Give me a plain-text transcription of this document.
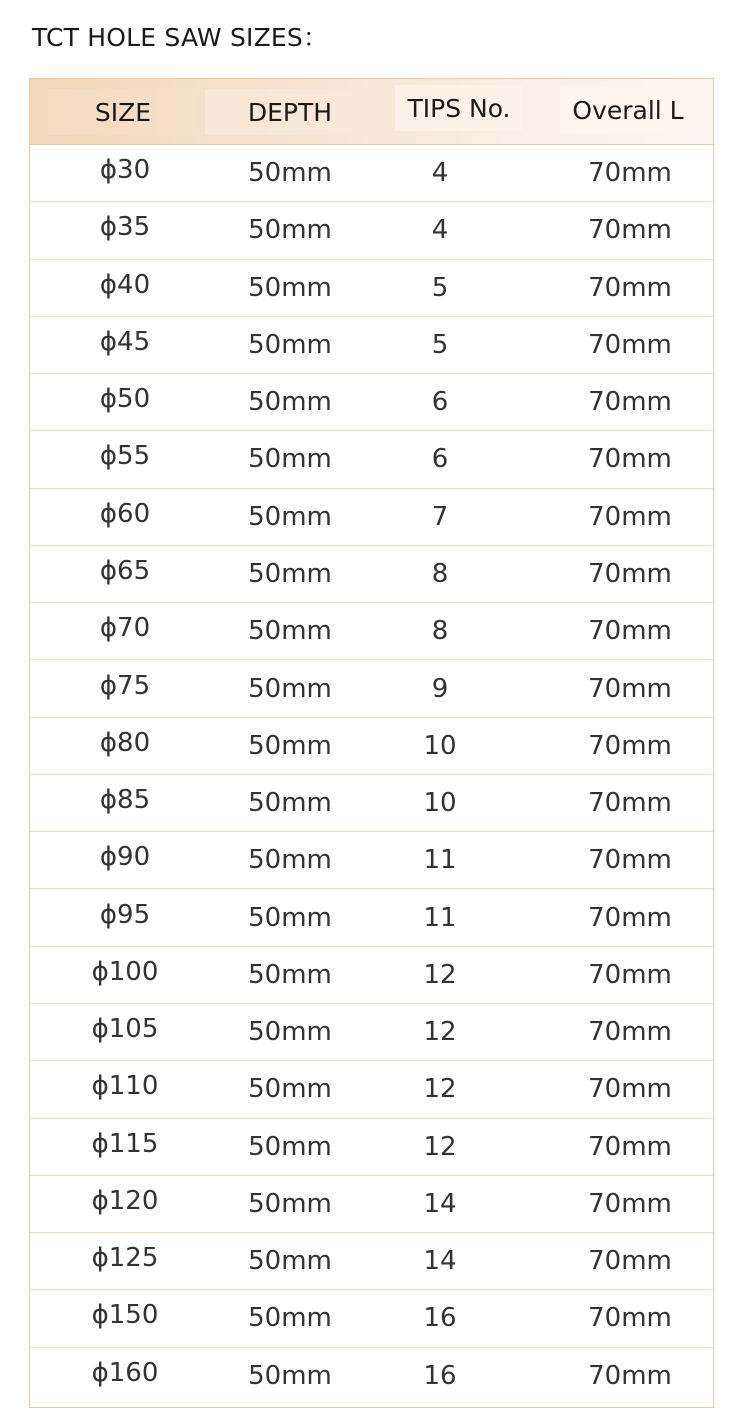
TCT HOLE SAW SIZES：
SIZE	DEPTH	TIPS No.	Overall L
ϕ30	50mm	4	70mm
ϕ35	50mm	4	70mm
ϕ40	50mm	5	70mm
ϕ45	50mm	5	70mm
ϕ50	50mm	6	70mm
ϕ55	50mm	6	70mm
ϕ60	50mm	7	70mm
ϕ65	50mm	8	70mm
ϕ70	50mm	8	70mm
ϕ75	50mm	9	70mm
ϕ80	50mm	10	70mm
ϕ85	50mm	10	70mm
ϕ90	50mm	11	70mm
ϕ95	50mm	11	70mm
ϕ100	50mm	12	70mm
ϕ105	50mm	12	70mm
ϕ110	50mm	12	70mm
ϕ115	50mm	12	70mm
ϕ120	50mm	14	70mm
ϕ125	50mm	14	70mm
ϕ150	50mm	16	70mm
ϕ160	50mm	16	70mm
